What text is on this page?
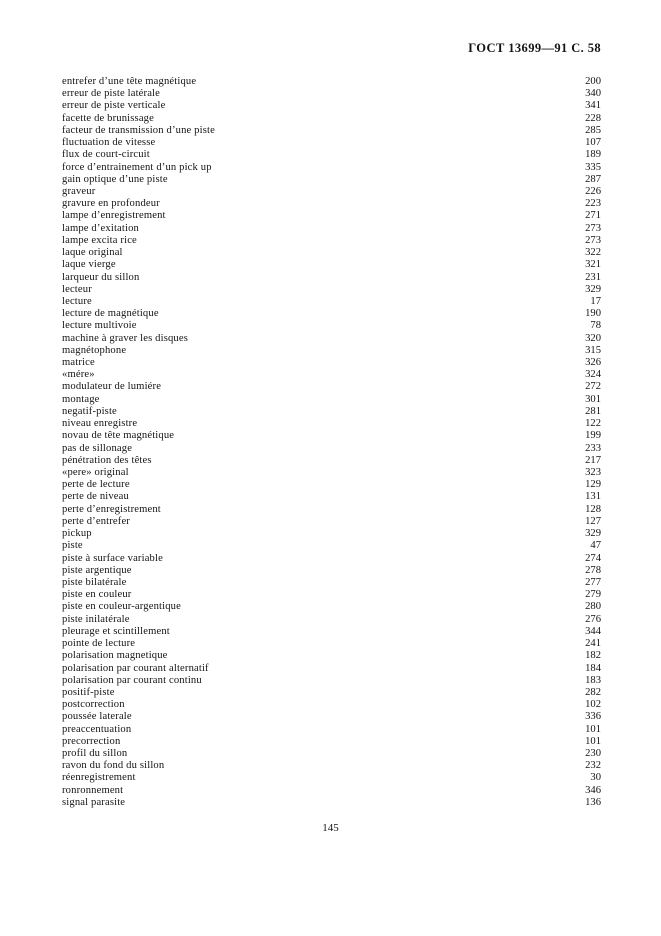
ГОСТ 13699—91 С. 58
entrefer d’une tête magnétique	200
erreur de piste latérale	340
erreur de piste verticale	341
facette de brunissage	228
facteur de transmission d’une piste	285
fluctuation de vitesse	107
flux de court-circuit	189
force d’entrainement d’un pick up	335
gain optique d’une piste	287
graveur	226
gravure en profondeur	223
lampe d’enregistrement	271
lampe d’exitation	273
lampe excita rice	273
laque original	322
laque vierge	321
larqueur du sillon	231
lecteur	329
lecture	17
lecture de magnétique	190
lecture multivoie	78
machine à graver les disques	320
magnétophone	315
matrice	326
«mére»	324
modulateur de lumiére	272
montage	301
negatif-piste	281
niveau enregistre	122
novau de tête magnétique	199
pas de sillonage	233
pénétration des têtes	217
«pere» original	323
perte de lecture	129
perte de niveau	131
perte d’enregistrement	128
perte d’entrefer	127
pickup	329
piste	47
piste à surface variable	274
piste argentique	278
piste bilatérale	277
piste en couleur	279
piste en couleur-argentique	280
piste inilatérale	276
pleurage et scintillement	344
pointe de lecture	241
polarisation magnetique	182
polarisation par courant alternatif	184
polarisation par courant continu	183
positif-piste	282
postcorrection	102
poussée laterale	336
preaccentuation	101
precorrection	101
profil du sillon	230
ravon du fond du sillon	232
réenregistrement	30
ronronnement	346
signal parasite	136
145
